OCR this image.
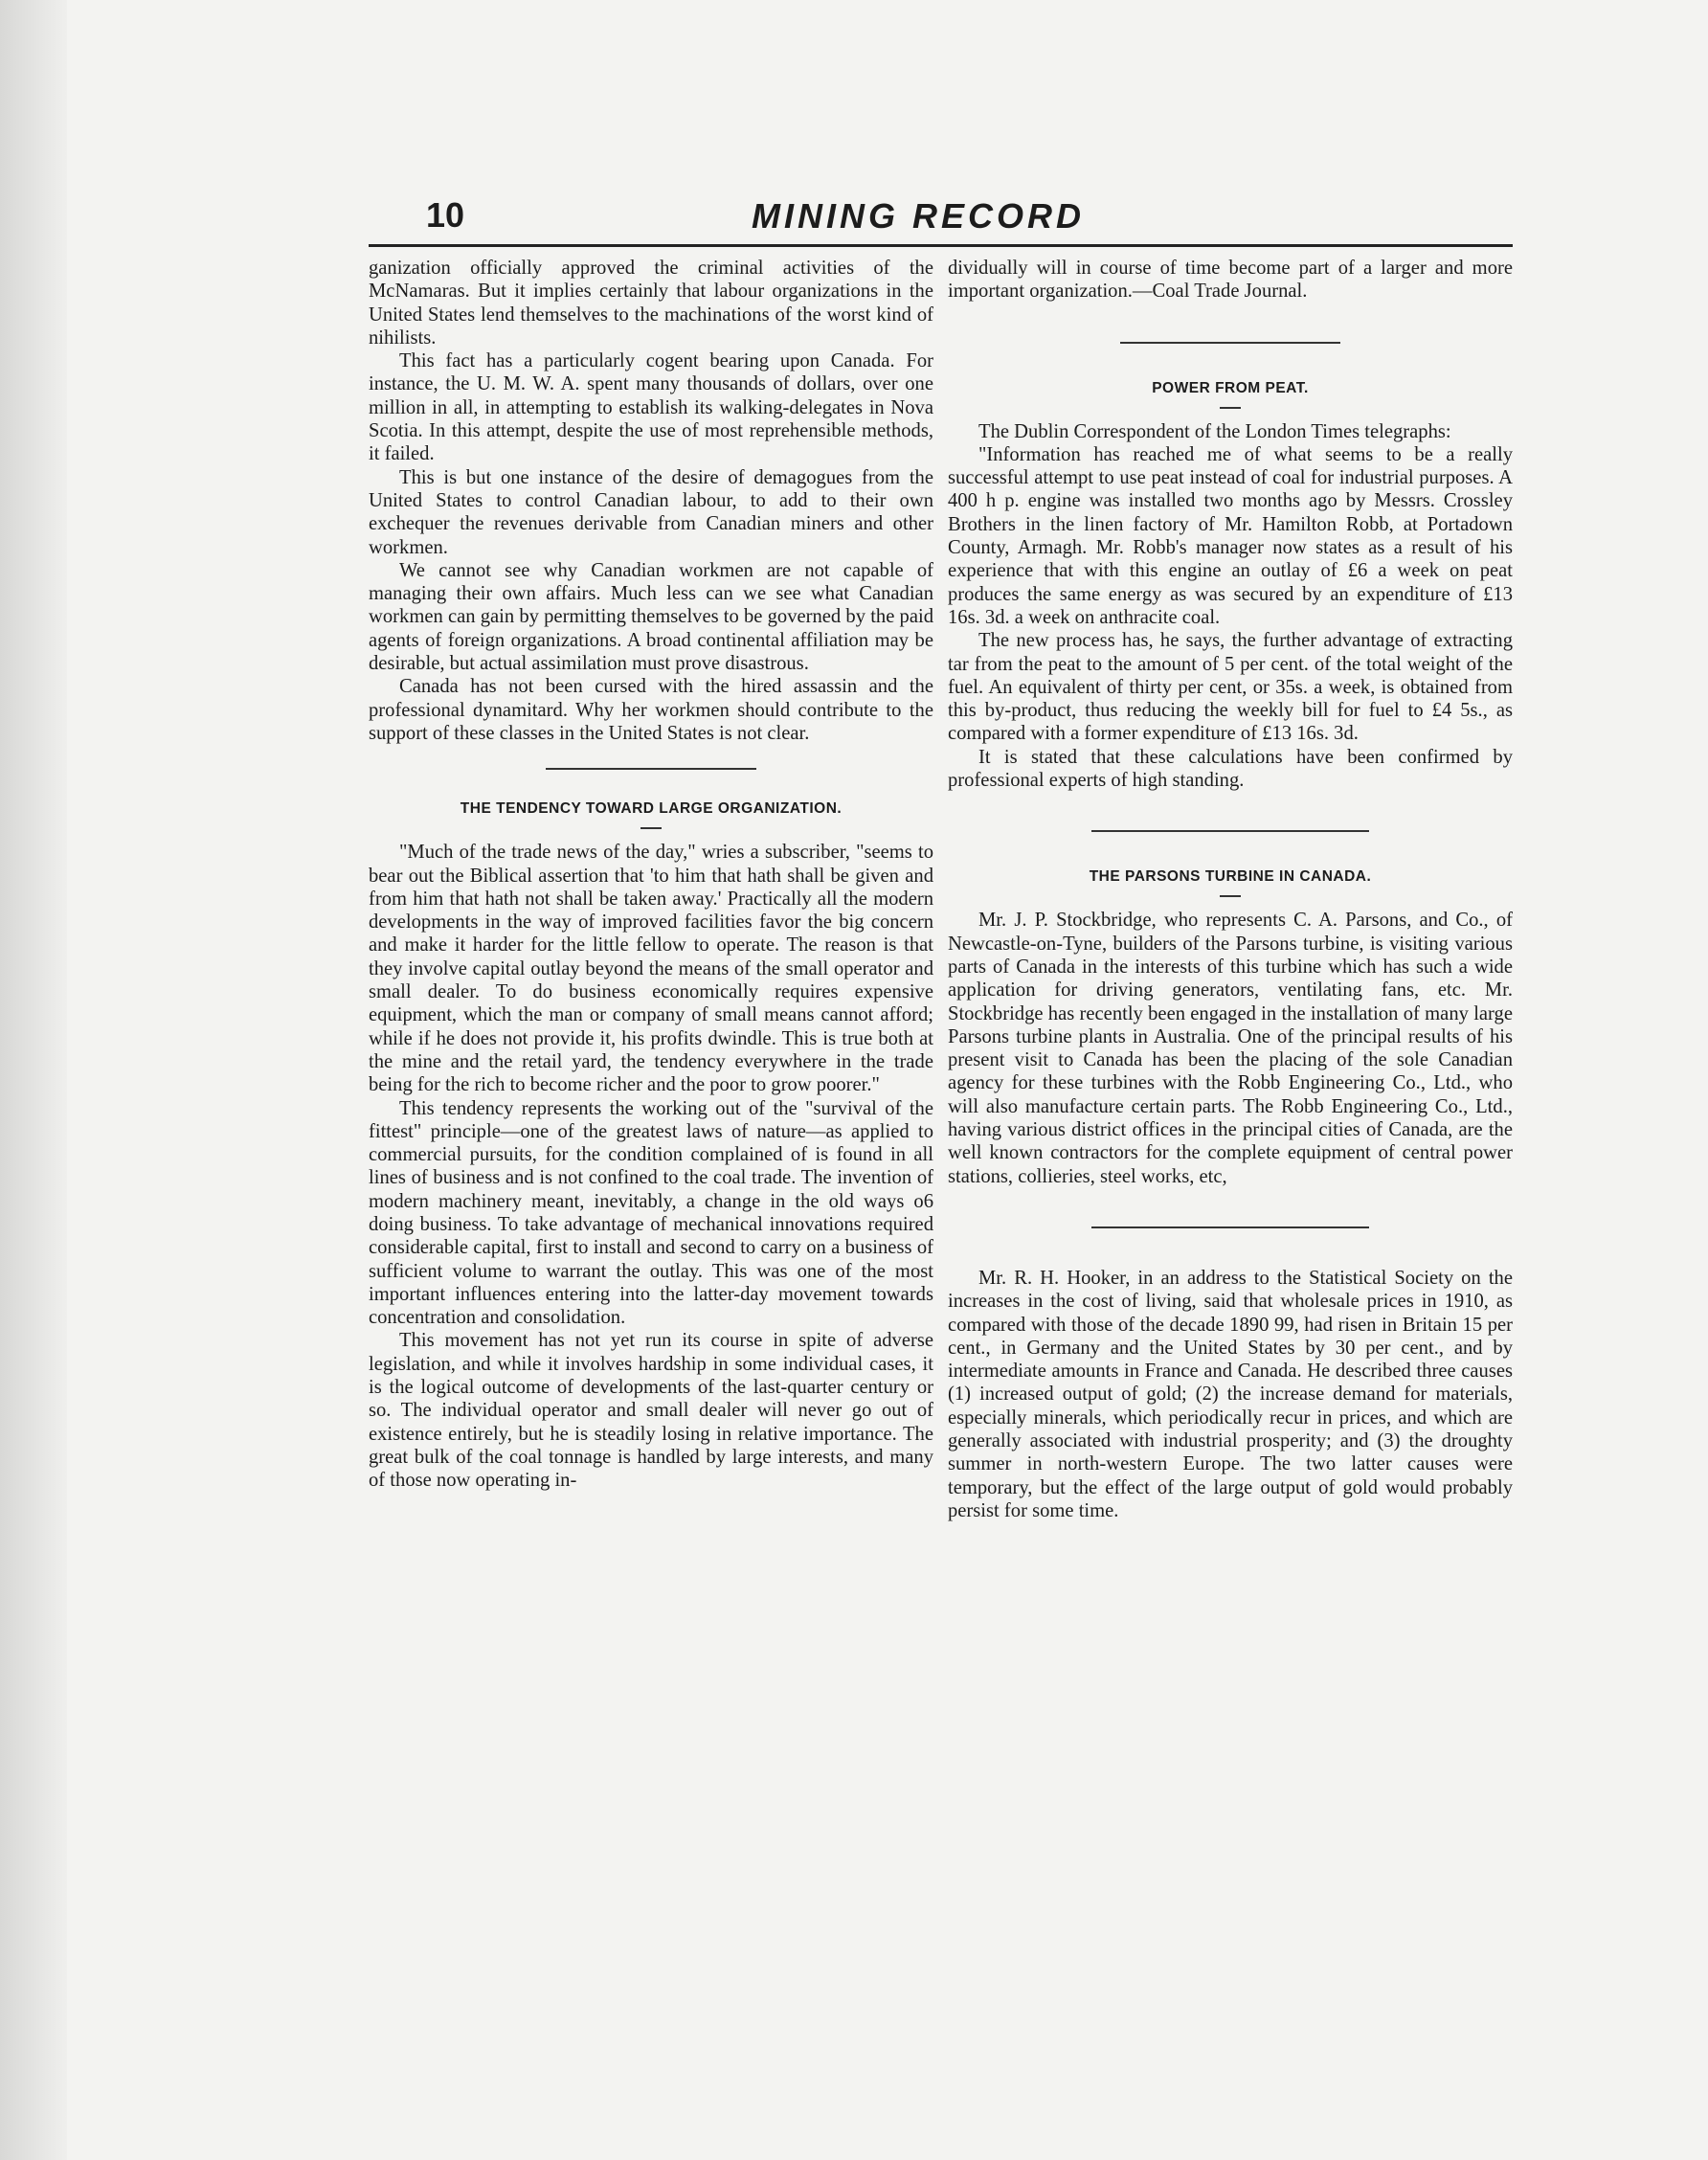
10	MINING RECORD

ganization officially approved the criminal activities of the McNamaras. But it implies certainly that labour organizations in the United States lend themselves to the machinations of the worst kind of nihilists.

This fact has a particularly cogent bearing upon Canada. For instance, the U. M. W. A. spent many thousands of dollars, over one million in all, in attempting to establish its walking-delegates in Nova Scotia. In this attempt, despite the use of most reprehensible methods, it failed.

This is but one instance of the desire of demagogues from the United States to control Canadian labour, to add to their own exchequer the revenues derivable from Canadian miners and other workmen.

We cannot see why Canadian workmen are not capable of managing their own affairs. Much less can we see what Canadian workmen can gain by permitting themselves to be governed by the paid agents of foreign organizations. A broad continental affiliation may be desirable, but actual assimilation must prove disastrous.

Canada has not been cursed with the hired assassin and the professional dynamitard. Why her workmen should contribute to the support of these classes in the United States is not clear.

THE TENDENCY TOWARD LARGE ORGANIZATION.

"Much of the trade news of the day," wries a subscriber, "seems to bear out the Biblical assertion that 'to him that hath shall be given and from him that hath not shall be taken away.' Practically all the modern developments in the way of improved facilities favor the big concern and make it harder for the little fellow to operate. The reason is that they involve capital outlay beyond the means of the small operator and small dealer. To do business economically requires expensive equipment, which the man or company of small means cannot afford; while if he does not provide it, his profits dwindle. This is true both at the mine and the retail yard, the tendency everywhere in the trade being for the rich to become richer and the poor to grow poorer."

This tendency represents the working out of the "survival of the fittest" principle—one of the greatest laws of nature—as applied to commercial pursuits, for the condition complained of is found in all lines of business and is not confined to the coal trade. The invention of modern machinery meant, inevitably, a change in the old ways o6 doing business. To take advantage of mechanical innovations required considerable capital, first to install and second to carry on a business of sufficient volume to warrant the outlay. This was one of the most important influences entering into the latter-day movement towards concentration and consolidation.

This movement has not yet run its course in spite of adverse legislation, and while it involves hardship in some individual cases, it is the logical outcome of developments of the last-quarter century or so. The individual operator and small dealer will never go out of existence entirely, but he is steadily losing in relative importance. The great bulk of the coal tonnage is handled by large interests, and many of those now operating in-

dividually will in course of time become part of a larger and more important organization.—Coal Trade Journal.

POWER FROM PEAT.

The Dublin Correspondent of the London Times telegraphs:

"Information has reached me of what seems to be a really successful attempt to use peat instead of coal for industrial purposes. A 400 h p. engine was installed two months ago by Messrs. Crossley Brothers in the linen factory of Mr. Hamilton Robb, at Portadown County, Armagh. Mr. Robb's manager now states as a result of his experience that with this engine an outlay of £6 a week on peat produces the same energy as was secured by an expenditure of £13 16s. 3d. a week on anthracite coal.

The new process has, he says, the further advantage of extracting tar from the peat to the amount of 5 per cent. of the total weight of the fuel. An equivalent of thirty per cent, or 35s. a week, is obtained from this by-product, thus reducing the weekly bill for fuel to £4 5s., as compared with a former expenditure of £13 16s. 3d.

It is stated that these calculations have been confirmed by professional experts of high standing.

THE PARSONS TURBINE IN CANADA.

Mr. J. P. Stockbridge, who represents C. A. Parsons, and Co., of Newcastle-on-Tyne, builders of the Parsons turbine, is visiting various parts of Canada in the interests of this turbine which has such a wide application for driving generators, ventilating fans, etc. Mr. Stockbridge has recently been engaged in the installation of many large Parsons turbine plants in Australia. One of the principal results of his present visit to Canada has been the placing of the sole Canadian agency for these turbines with the Robb Engineering Co., Ltd., who will also manufacture certain parts. The Robb Engineering Co., Ltd., having various district offices in the principal cities of Canada, are the well known contractors for the complete equipment of central power stations, collieries, steel works, etc,

Mr. R. H. Hooker, in an address to the Statistical Society on the increases in the cost of living, said that wholesale prices in 1910, as compared with those of the decade 1890 99, had risen in Britain 15 per cent., in Germany and the United States by 30 per cent., and by intermediate amounts in France and Canada. He described three causes (1) increased output of gold; (2) the increase demand for materials, especially minerals, which periodically recur in prices, and which are generally associated with industrial prosperity; and (3) the droughty summer in north-western Europe. The two latter causes were temporary, but the effect of the large output of gold would probably persist for some time.
